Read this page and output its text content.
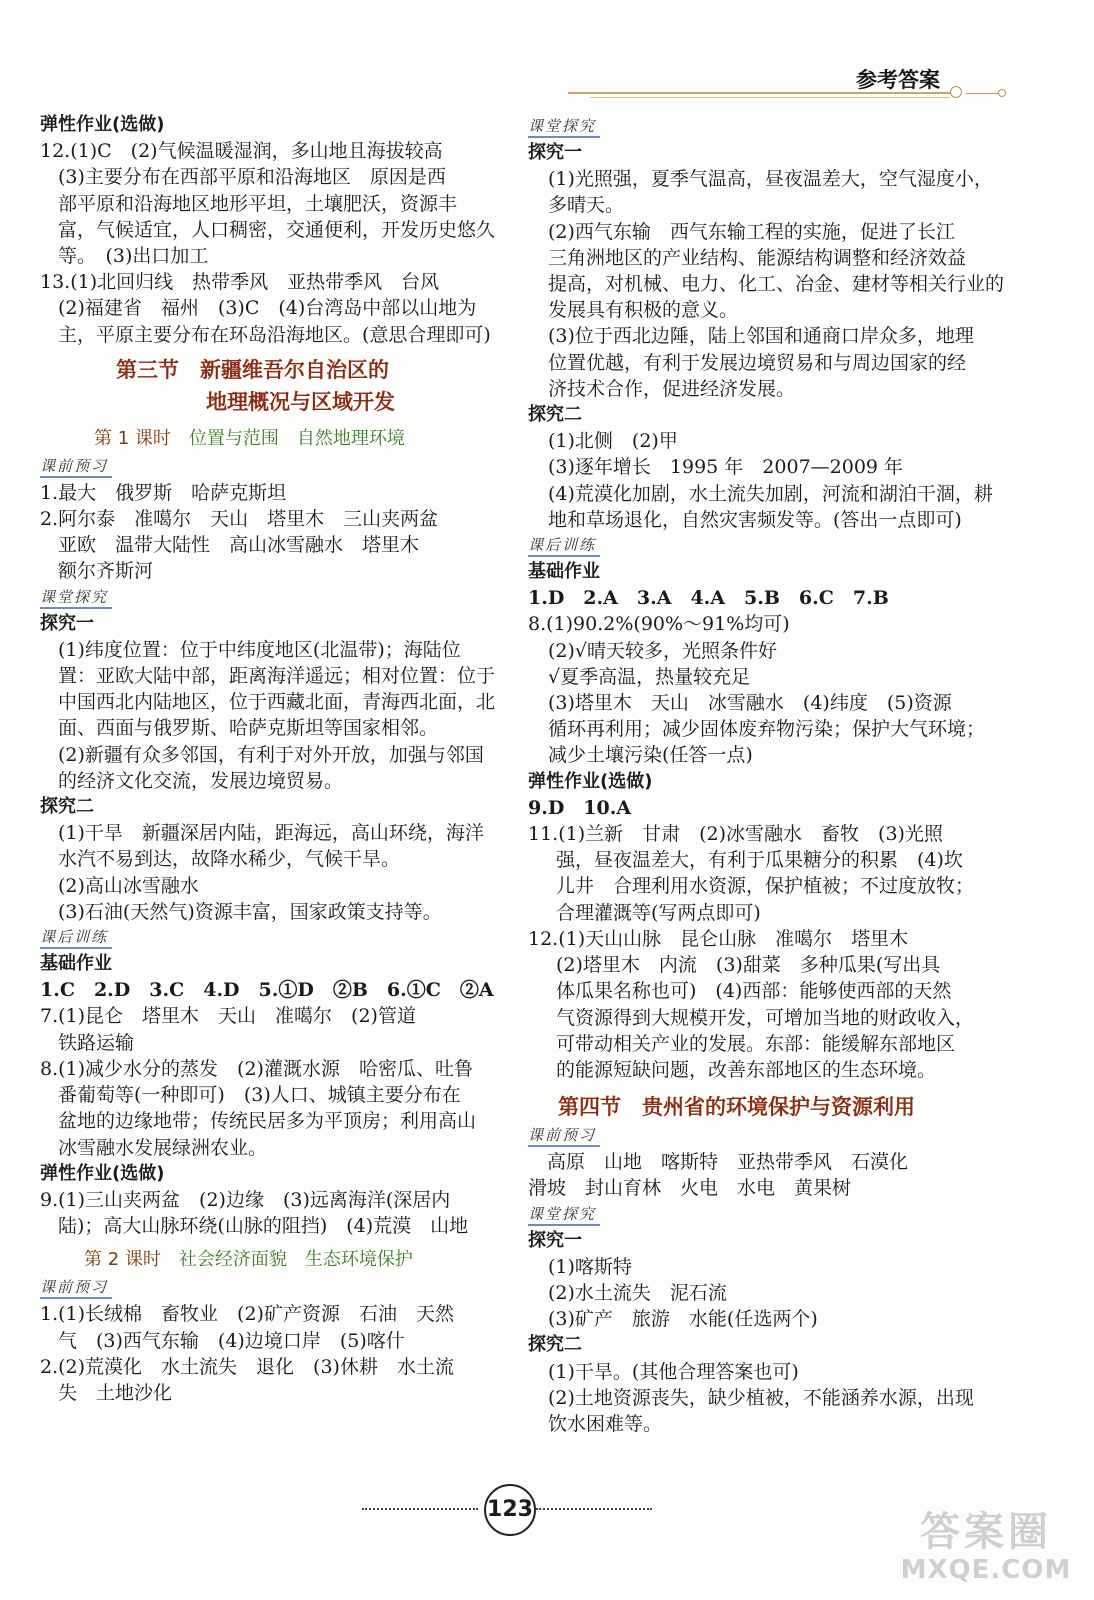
参考答案
弹性作业(选做)
12.(1)C　(2)气候温暖湿润，多山地且海拔较高
(3)主要分布在西部平原和沿海地区　原因是西
部平原和沿海地区地形平坦，土壤肥沃，资源丰
富，气候适宜，人口稠密，交通便利，开发历史悠久
等。　(3)出口加工
13.(1)北回归线　热带季风　亚热带季风　台风
(2)福建省　福州　(3)C　(4)台湾岛中部以山地为
主，平原主要分布在环岛沿海地区。(意思合理即可)
第三节　新疆维吾尔自治区的
地理概况与区域开发
第 1 课时　 位置与范围　自然地理环境
课前预习
1.最大　俄罗斯　哈萨克斯坦
2.阿尔泰　准噶尔　天山　塔里木　三山夹两盆
亚欧　温带大陆性　高山冰雪融水　塔里木
额尔齐斯河
课堂探究
探究一
(1)纬度位置：位于中纬度地区(北温带)；海陆位
置：亚欧大陆中部，距离海洋遥远；相对位置：位于
中国西北内陆地区，位于西藏北面，青海西北面，北
面、西面与俄罗斯、哈萨克斯坦等国家相邻。
(2)新疆有众多邻国，有利于对外开放，加强与邻国
的经济文化交流，发展边境贸易。
探究二
(1)干旱　新疆深居内陆，距海远，高山环绕，海洋
水汽不易到达，故降水稀少，气候干旱。
(2)高山冰雪融水
(3)石油(天然气)资源丰富，国家政策支持等。
课后训练
基础作业
1.C　2.D　3.C　4.D　5.①D　②B　6.①C　②A
7.(1)昆仑　塔里木　天山　准噶尔　(2)管道
铁路运输
8.(1)减少水分的蒸发　(2)灌溉水源　哈密瓜、吐鲁
番葡萄等(一种即可)　(3)人口、城镇主要分布在
盆地的边缘地带；传统民居多为平顶房；利用高山
冰雪融水发展绿洲农业。
弹性作业(选做)
9.(1)三山夹两盆　(2)边缘　(3)远离海洋(深居内
陆)；高大山脉环绕(山脉的阻挡)　(4)荒漠　山地
第 2 课时　 社会经济面貌　生态环境保护
课前预习
1.(1)长绒棉　畜牧业　(2)矿产资源　石油　天然
气　(3)西气东输　(4)边境口岸　(5)喀什
2.(2)荒漠化　水土流失　退化　(3)休耕　水土流
失　土地沙化
课堂探究
探究一
(1)光照强，夏季气温高，昼夜温差大，空气湿度小，
多晴天。
(2)西气东输　西气东输工程的实施，促进了长江
三角洲地区的产业结构、能源结构调整和经济效益
提高，对机械、电力、化工、冶金、建材等相关行业的
发展具有积极的意义。
(3)位于西北边陲，陆上邻国和通商口岸众多，地理
位置优越，有利于发展边境贸易和与周边国家的经
济技术合作，促进经济发展。
探究二
(1)北侧　(2)甲
(3)逐年增长　1995 年　2007—2009 年
(4)荒漠化加剧，水土流失加剧，河流和湖泊干涸，耕
地和草场退化，自然灾害频发等。(答出一点即可)
课后训练
基础作业
1.D　2.A　3.A　4.A　5.B　6.C　7.B
8.(1)90.2%(90%～91%均可)
(2)√晴天较多，光照条件好
√夏季高温，热量较充足
(3)塔里木　天山　冰雪融水　(4)纬度　(5)资源
循环再利用；减少固体废弃物污染；保护大气环境；
减少土壤污染(任答一点)
弹性作业(选做)
9.D　10.A
11.(1)兰新　甘肃　(2)冰雪融水　畜牧　(3)光照
强，昼夜温差大，有利于瓜果糖分的积累　(4)坎
儿井　合理利用水资源，保护植被；不过度放牧；
合理灌溉等(写两点即可)
12.(1)天山山脉　昆仑山脉　准噶尔　塔里木
(2)塔里木　内流　(3)甜菜　多种瓜果(写出具
体瓜果名称也可)　(4)西部：能够使西部的天然
气资源得到大规模开发，可增加当地的财政收入，
可带动相关产业的发展。东部：能缓解东部地区
的能源短缺问题，改善东部地区的生态环境。
第四节　贵州省的环境保护与资源利用
课前预习
　高原　山地　喀斯特　亚热带季风　石漠化
滑坡　封山育林　火电　水电　黄果树
课堂探究
探究一
(1)喀斯特
(2)水土流失　泥石流
(3)矿产　旅游　水能(任选两个)
探究二
(1)干旱。(其他合理答案也可)
(2)土地资源丧失，缺少植被，不能涵养水源，出现
饮水困难等。
123	答案圈
MXQE.COM
